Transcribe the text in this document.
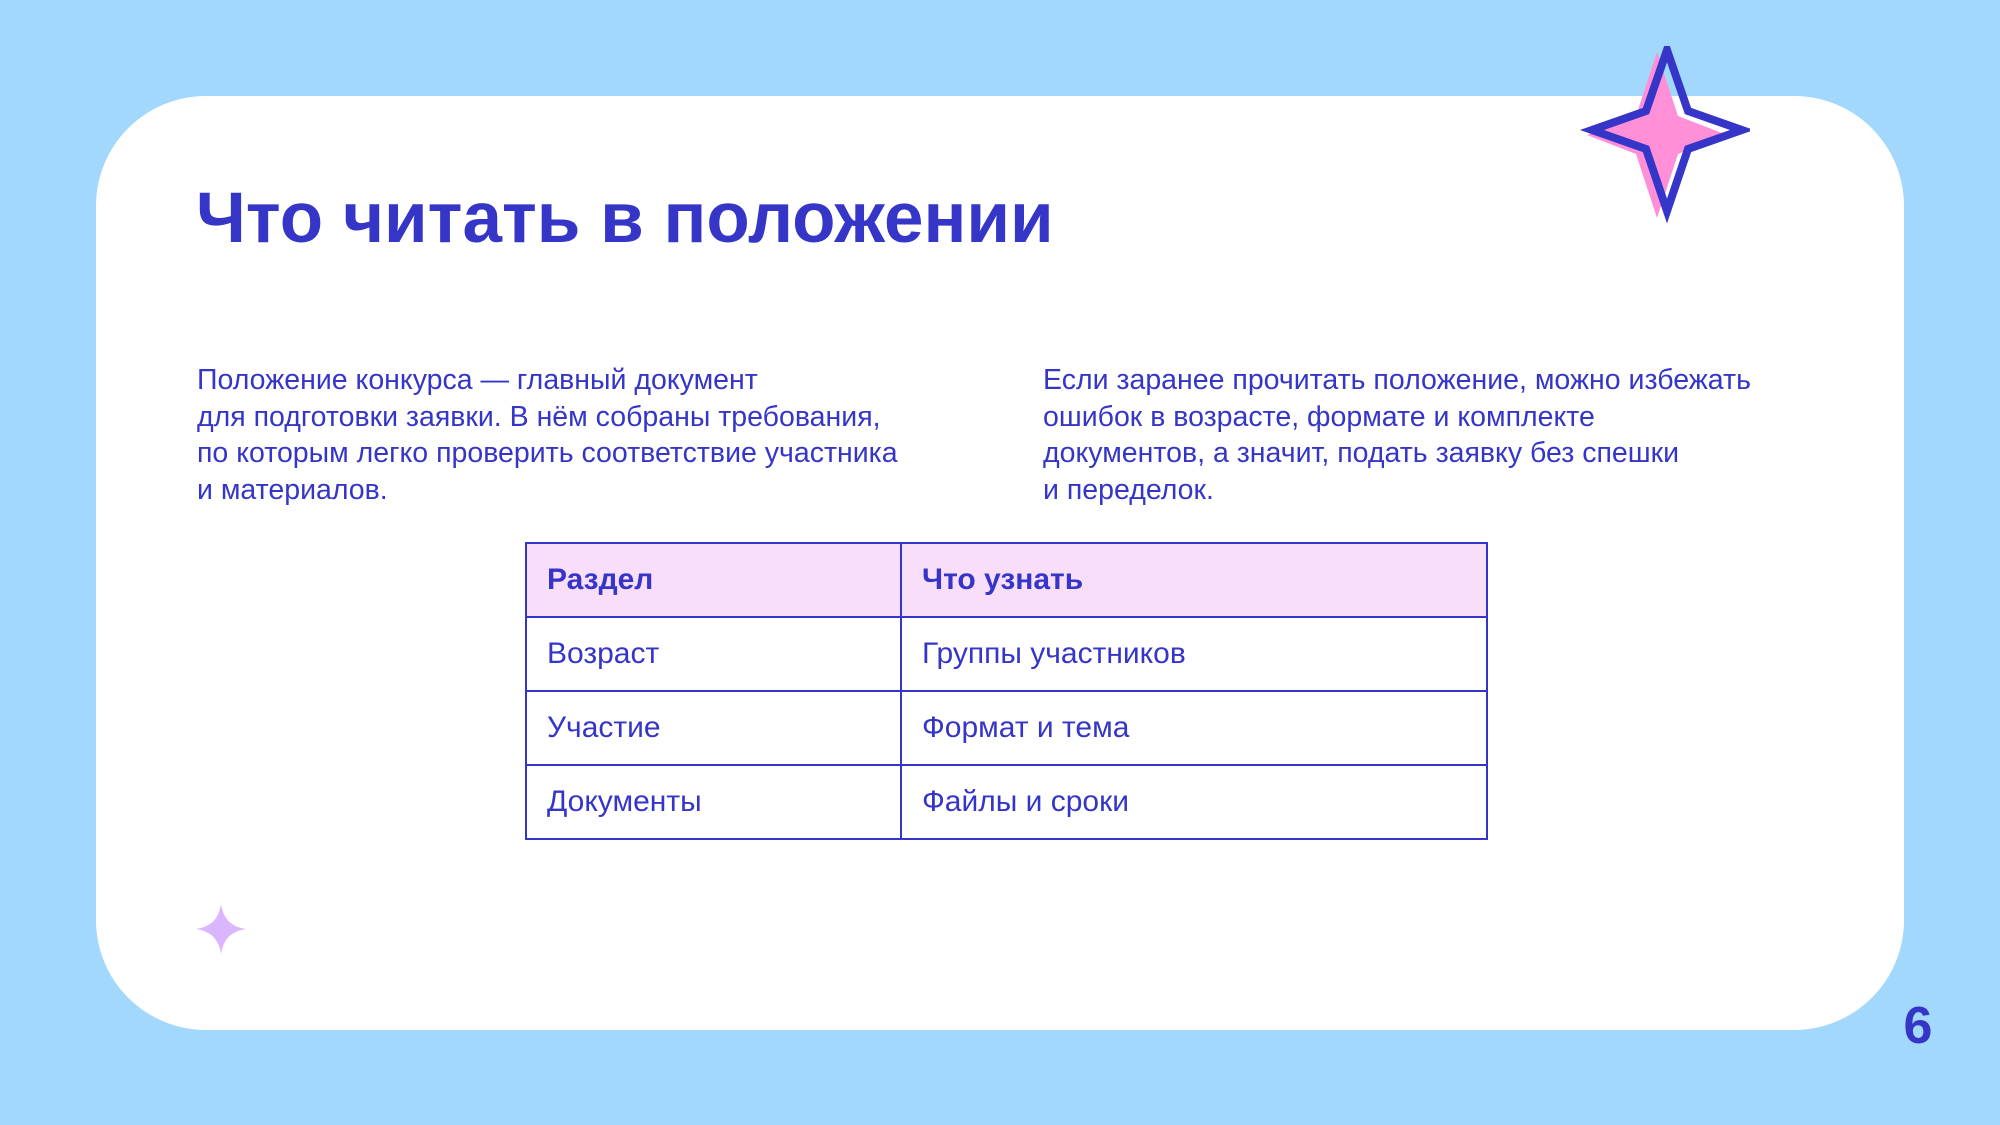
Что читать в положении
Положение конкурса — главный документ
для подготовки заявки. В нём собраны требования,
по которым легко проверить соответствие участника
и материалов.
Если заранее прочитать положение, можно избежать
ошибок в возрасте, формате и комплекте
документов, а значит, подать заявку без спешки
и переделок.
Раздел	Что узнать
Возраст	Группы участников
Участие	Формат и тема
Документы	Файлы и сроки
6
